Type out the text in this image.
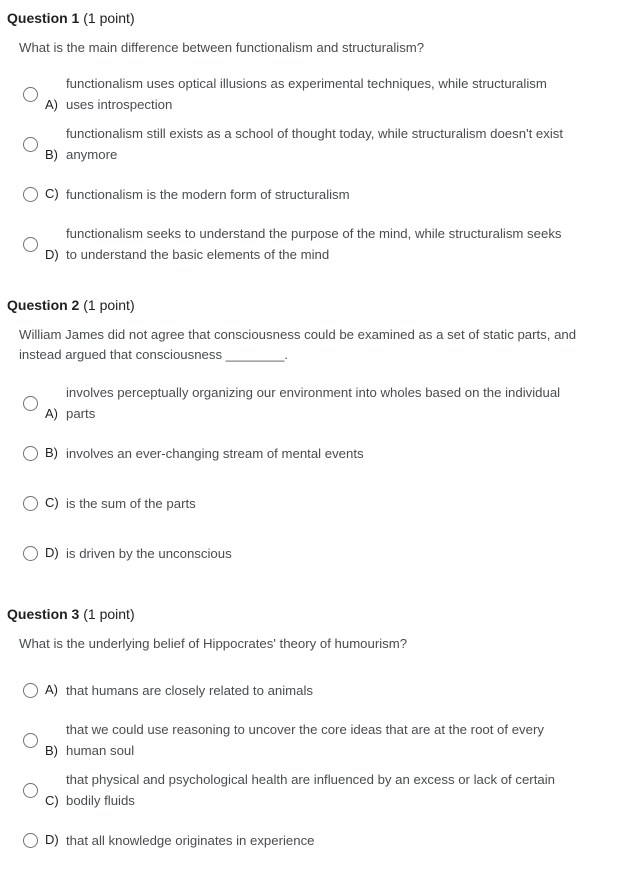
Question 1 (1 point)
What is the main difference between functionalism and structuralism?
A)
functionalism uses optical illusions as experimental techniques, while structuralism uses introspection
B)
functionalism still exists as a school of thought today, while structuralism doesn't exist anymore
C) functionalism is the modern form of structuralism
D)
functionalism seeks to understand the purpose of the mind, while structuralism seeks to understand the basic elements of the mind
Question 2 (1 point)
William James did not agree that consciousness could be examined as a set of static parts, and instead argued that consciousness ________.
A)
involves perceptually organizing our environment into wholes based on the individual parts
B) involves an ever-changing stream of mental events
C) is the sum of the parts
D) is driven by the unconscious
Question 3 (1 point)
What is the underlying belief of Hippocrates' theory of humourism?
A) that humans are closely related to animals
B)
that we could use reasoning to uncover the core ideas that are at the root of every human soul
C)
that physical and psychological health are influenced by an excess or lack of certain bodily fluids
D) that all knowledge originates in experience
